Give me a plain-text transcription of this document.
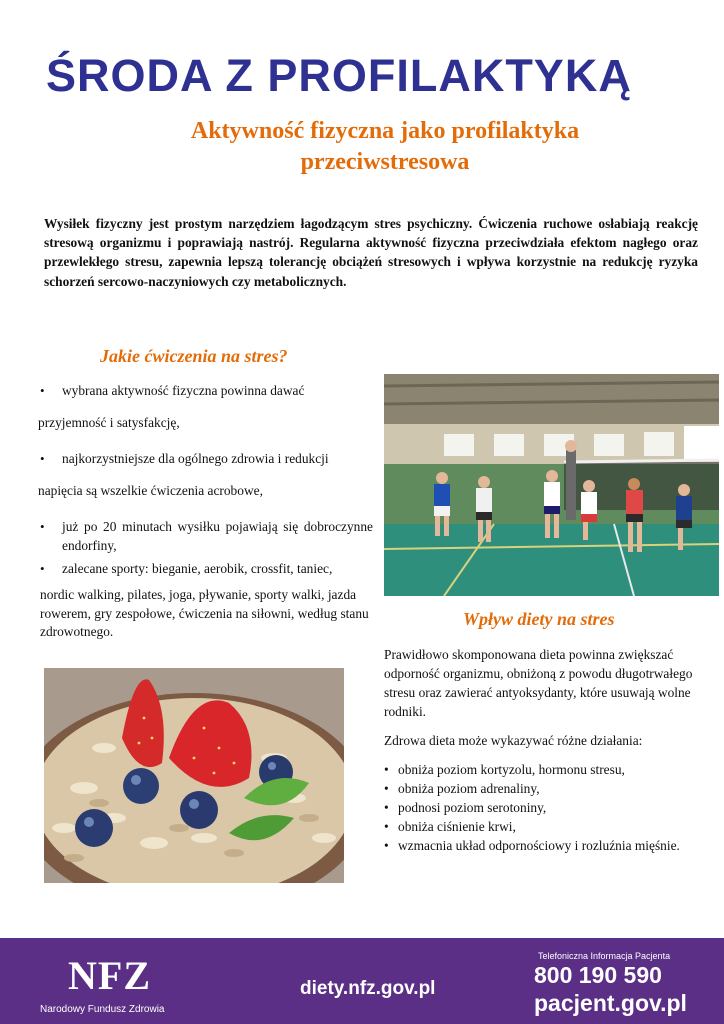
ŚRODA Z PROFILAKTYKĄ
Aktywność fizyczna jako profilaktyka
przeciwstresowa
Wysiłek fizyczny jest prostym narzędziem łagodzącym stres psychiczny. Ćwiczenia ruchowe osłabiają reakcję stresową organizmu i poprawiają nastrój. Regularna aktywność fizyczna przeciwdziała efektom nagłego oraz przewlekłego stresu, zapewnia lepszą tolerancję obciążeń stresowych i wpływa korzystnie na redukcję ryzyka schorzeń sercowo-naczyniowych czy metabolicznych.
Jakie ćwiczenia na stres?
• wybrana aktywność fizyczna powinna dawać
przyjemność i satysfakcję,
• najkorzystniejsze dla ogólnego zdrowia i redukcji
napięcia są wszelkie ćwiczenia acrobowe,
• już po 20 minutach wysiłku pojawiają się dobroczynne endorfiny,
• zalecane sporty: bieganie, aerobik, crossfit, taniec,
nordic walking, pilates, joga, pływanie, sporty walki, jazda rowerem, gry zespołowe, ćwiczenia na siłowni, według stanu zdrowotnego.
Wpływ diety na stres

Prawidłowo skomponowana dieta powinna zwiększać odporność organizmu, obniżoną z powodu długotrwałego stresu oraz zawierać antyoksydanty, które usuwają wolne rodniki.

Zdrowa dieta może wykazywać różne działania:

• obniża poziom kortyzolu, hormonu stresu,
• obniża poziom adrenaliny,
• podnosi poziom serotoniny,
• obniża ciśnienie krwi,
• wzmacnia układ odpornościowy i rozluźnia mięśnie.
NFZ
Narodowy Fundusz Zdrowia
diety.nfz.gov.pl
Telefoniczna Informacja Pacjenta
800 190 590
pacjent.gov.pl
